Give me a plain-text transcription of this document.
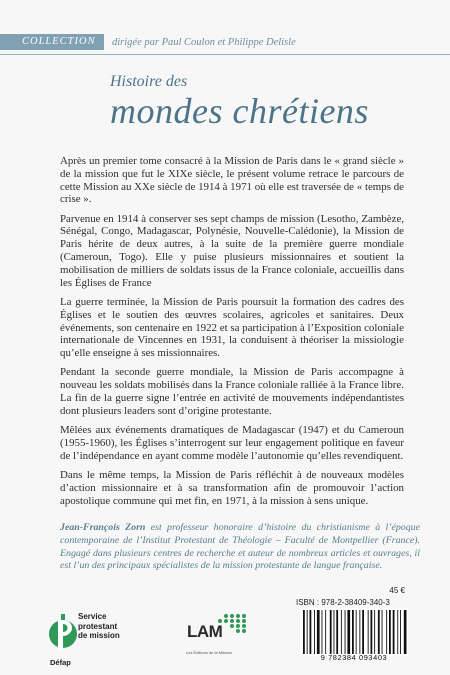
COLLECTION	dirigée par Paul Coulon et Philippe Delisle
Histoire des
mondes chrétiens

Après un premier tome consacré à la Mission de Paris dans le « grand siècle » de la mission que fut le XIXe siècle, le présent volume retrace le parcours de cette Mission au XXe siècle de 1914 à 1971 où elle est traversée de « temps de crise ».

Parvenue en 1914 à conserver ses sept champs de mission (Lesotho, Zambèze, Sénégal, Congo, Madagascar, Polynésie, Nouvelle-Calédonie), la Mission de Paris hérite de deux autres, à la suite de la première guerre mondiale (Cameroun, Togo). Elle y puise plusieurs missionnaires et soutient la mobilisation de milliers de soldats issus de la France coloniale, accueillis dans les Églises de France

La guerre terminée, la Mission de Paris poursuit la formation des cadres des Églises et le soutien des œuvres scolaires, agricoles et sanitaires. Deux événements, son centenaire en 1922 et sa participation à l’Exposition coloniale internationale de Vincennes en 1931, la conduisent à théoriser la missiologie qu’elle enseigne à ses missionnaires.

Pendant la seconde guerre mondiale, la Mission de Paris accompagne à nouveau les soldats mobilisés dans la France coloniale ralliée à la France libre. La fin de la guerre signe l’entrée en activité de mouvements indépendantistes dont plusieurs leaders sont d’origine protestante.

Mêlées aux événements dramatiques de Madagascar (1947) et du Cameroun (1955-1960), les Églises s’interrogent sur leur engagement politique en faveur de l’indépendance en ayant comme modèle l’autonomie qu’elles revendiquent.

Dans le même temps, la Mission de Paris réfléchit à de nouveaux modèles d’action missionnaire et à sa transformation afin de promouvoir l’action apostolique commune qui met fin, en 1971, à la mission à sens unique.

Jean-François Zorn est professeur honoraire d’histoire du christianisme à l’époque contemporaine de l’Institut Protestant de Théologie – Faculté de Montpellier (France). Engagé dans plusieurs centres de recherche et auteur de nombreux articles et ouvrages, il est l’un des principaux spécialistes de la mission protestante de langue française.
Service
protestant
de mission
Défap
LAM
Les Éditions de la Mission
45 €
ISBN : 978-2-38409-340-3
9 782384 093403
